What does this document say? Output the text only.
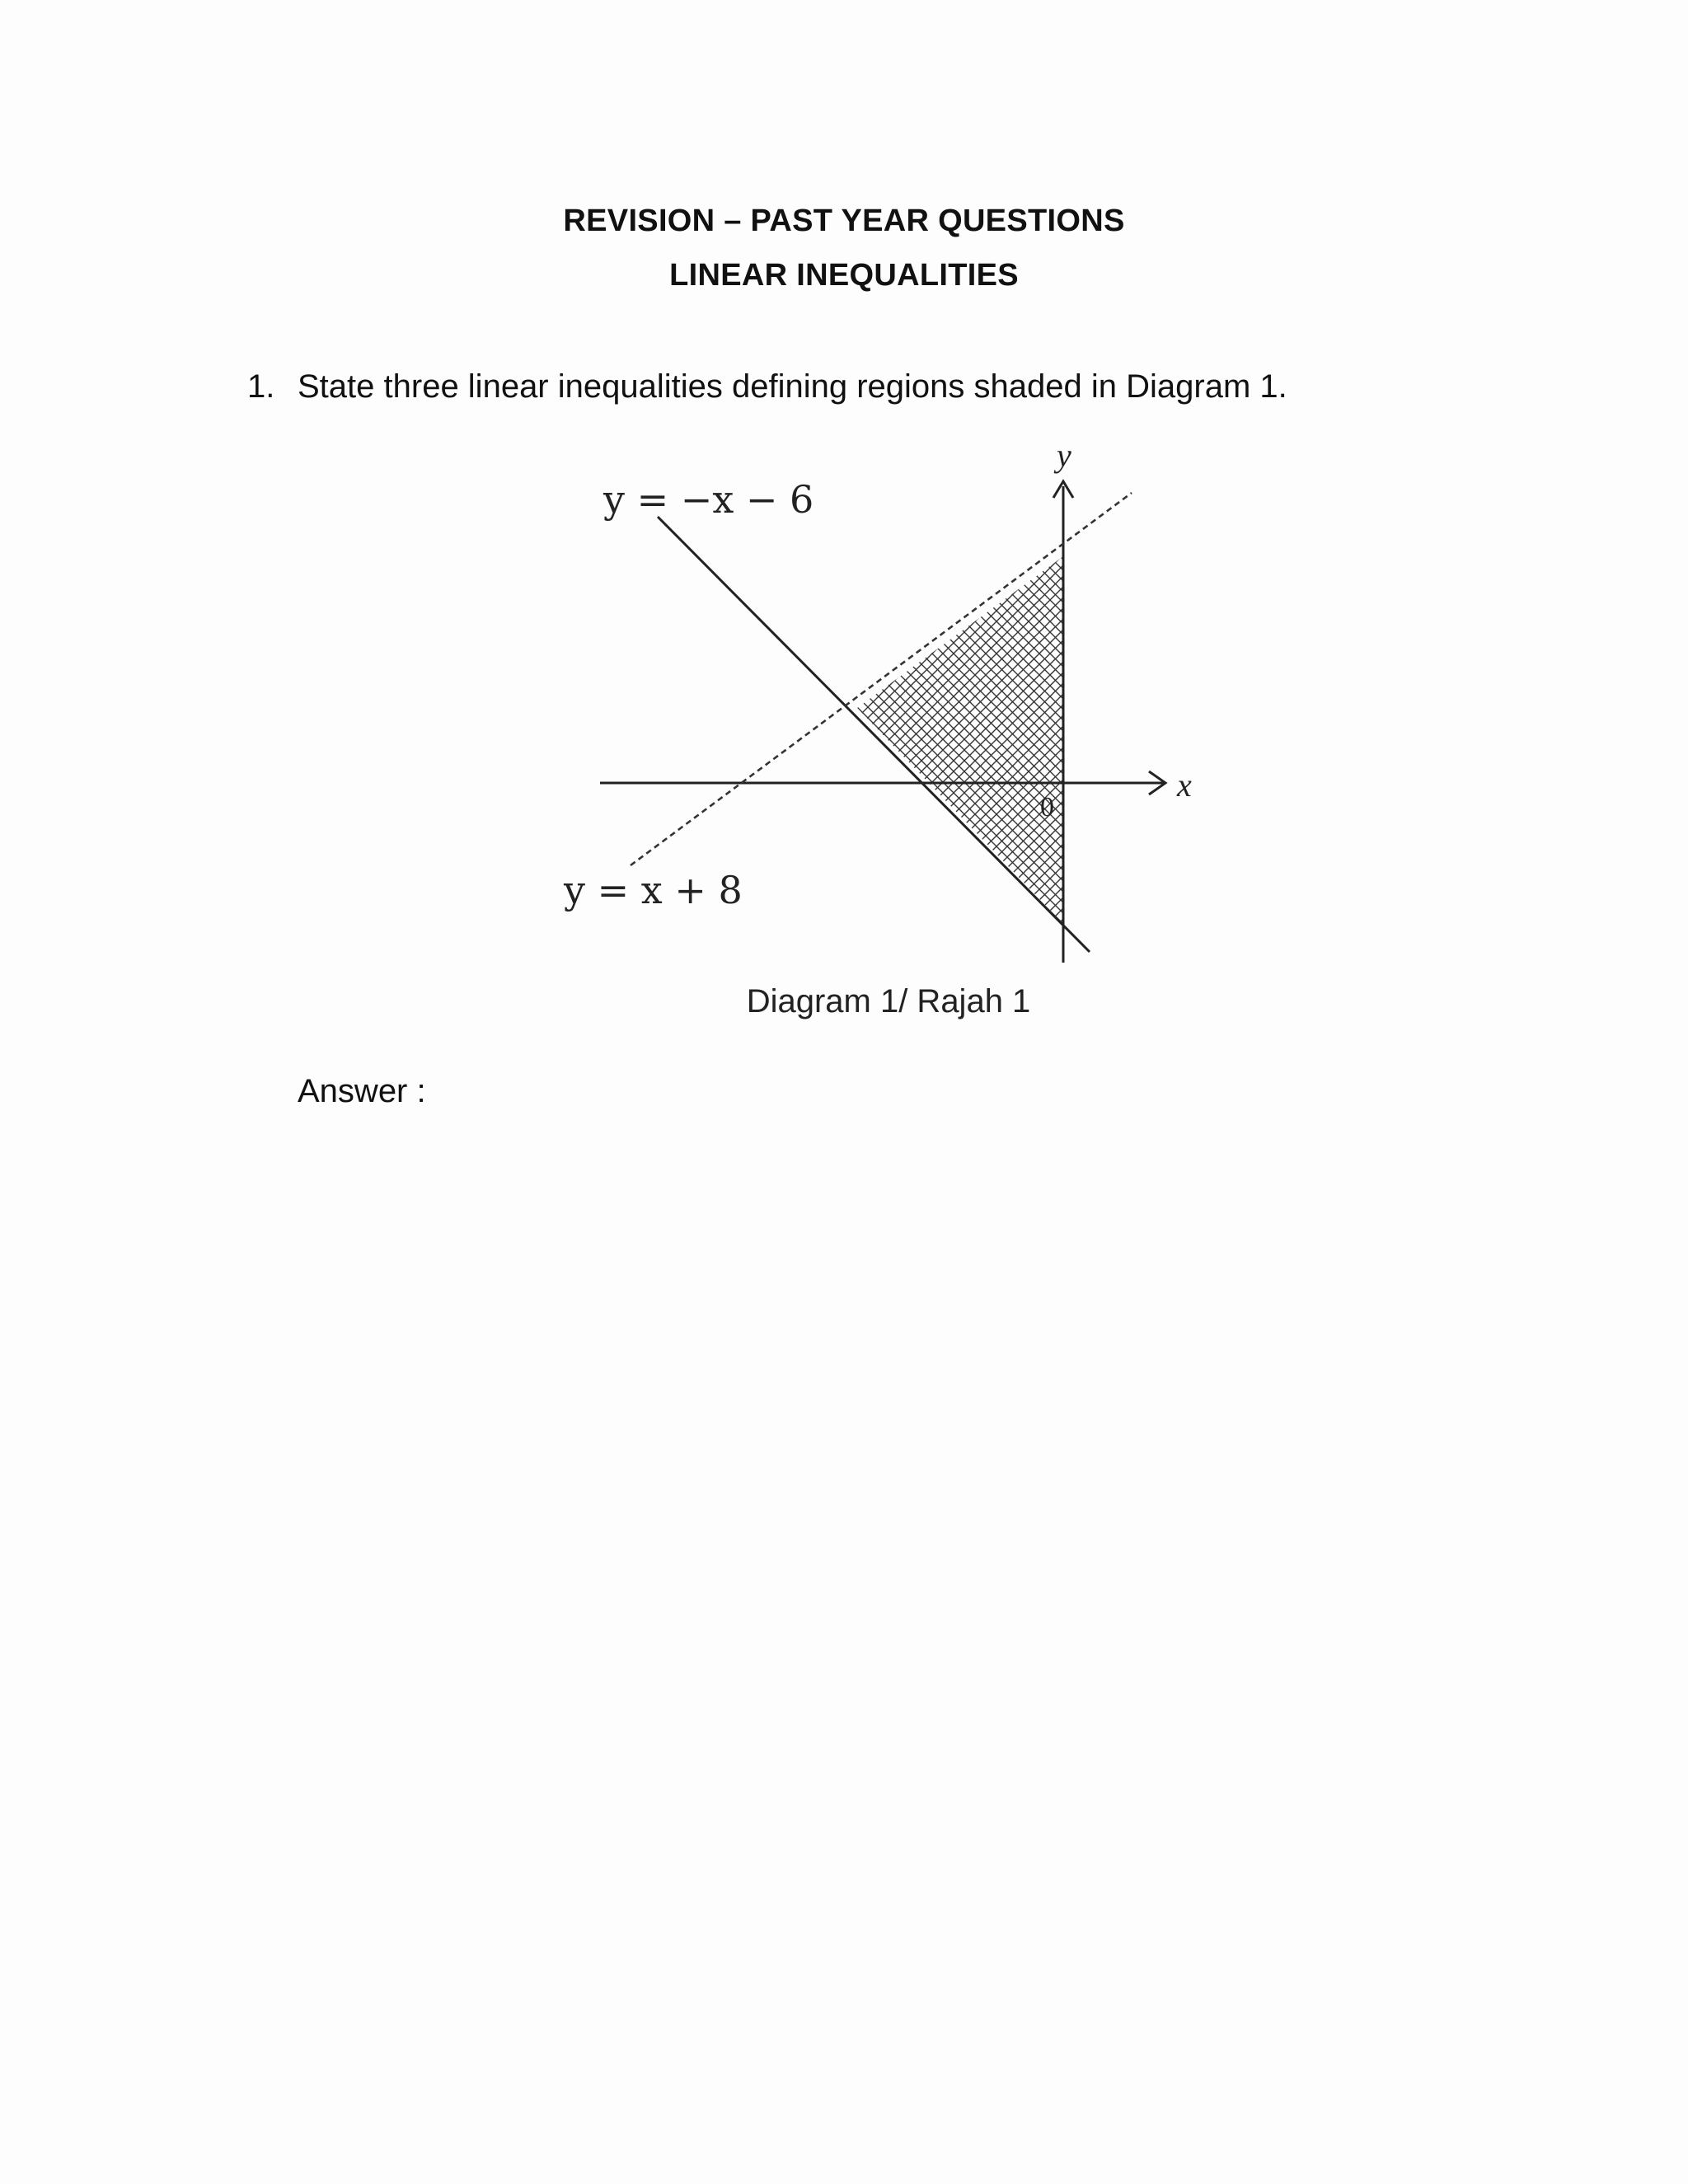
REVISION – PAST YEAR QUESTIONS
LINEAR INEQUALITIES
1. State three linear inequalities defining regions shaded in Diagram 1.
y = −x − 6
y = x + 8
x
y
0
Diagram 1/ Rajah 1
Answer :
